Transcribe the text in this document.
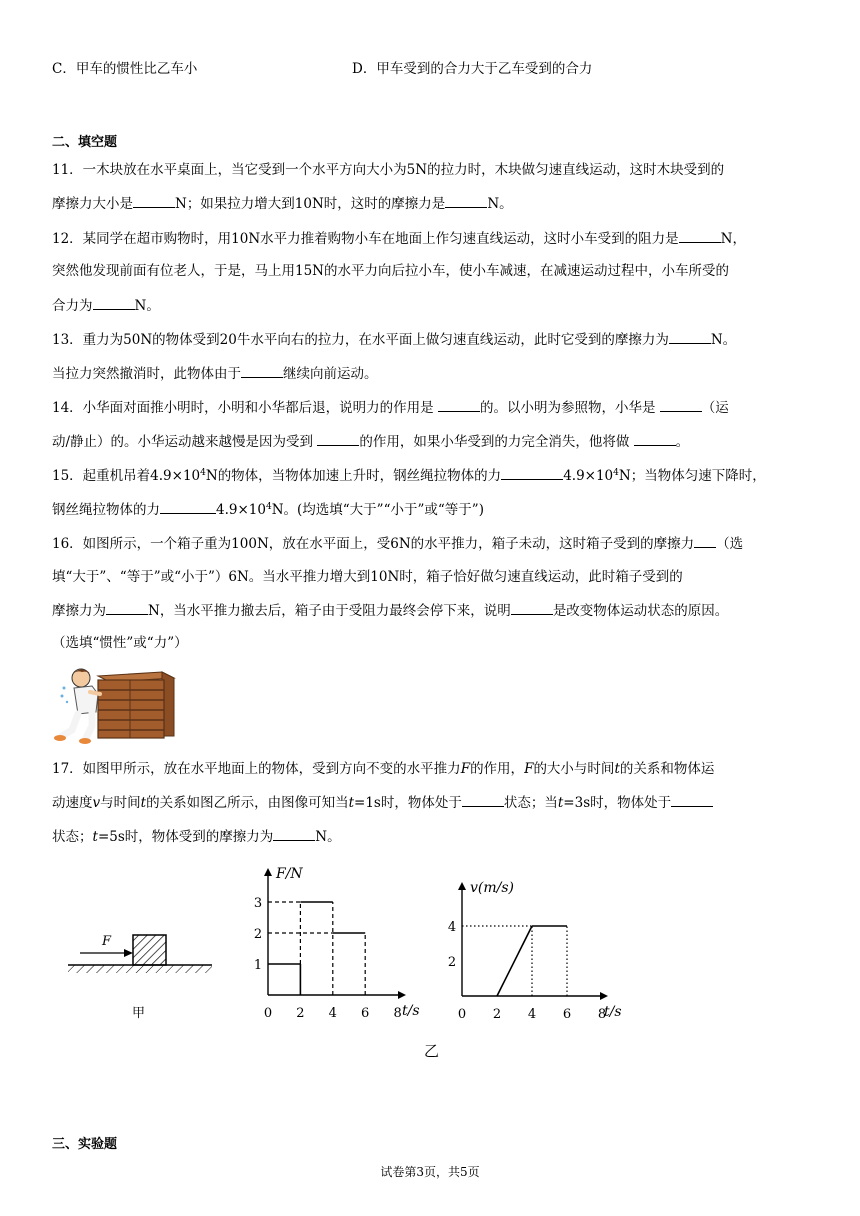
C．甲车的惯性比乙车小	D．甲车受到的合力大于乙车受到的合力
二、填空题
11．一木块放在水平桌面上，当它受到一个水平方向大小为5N的拉力时，木块做匀速直线运动，这时木块受到的
摩擦力大小是	N；如果拉力增大到10N时，这时的摩擦力是	N。
12．某同学在超市购物时，用10N水平力推着购物小车在地面上作匀速直线运动，这时小车受到的阻力是	N，
突然他发现前面有位老人，于是，马上用15N的水平力向后拉小车，使小车减速，在减速运动过程中，小车所受的
合力为	N。
13．重力为50N的物体受到20牛水平向右的拉力，在水平面上做匀速直线运动，此时它受到的摩擦力为	N。
当拉力突然撤消时，此物体由于	继续向前运动。
14．小华面对面推小明时，小明和小华都后退，说明力的作用是	的。以小明为参照物，小华是	（运
动/静止）的。小华运动越来越慢是因为受到	的作用，如果小华受到的力完全消失，他将做	。
15．起重机吊着$4.9\times 10^4N$的物体，当物体加速上升时，钢丝绳拉物体的力	$4.9\times 10^4N$；当物体匀速下降时，
钢丝绳拉物体的力	$4.9\times 10^4N$。(均选填“大于”“小于”或“等于”)
16．如图所示，一个箱子重为100N，放在水平面上，受6N的水平推力，箱子未动，这时箱子受到的摩擦力 （选
填“大于”、“等于”或“小于”）6N。当水平推力增大到10N时，箱子恰好做匀速直线运动，此时箱子受到的
摩擦力为	N，当水平推力撤去后，箱子由于受阻力最终会停下来，说明	是改变物体运动状态的原因。
（选填“惯性”或“力”）
17．如图甲所示，放在水平地面上的物体，受到方向不变的水平推力F的作用，F的大小与时间t的关系和物体运
动速度v与时间t的关系如图乙所示，由图像可知当t=1s时，物体处于	状态；当t=3s时，物体处于
状态；t=5s时，物体受到的摩擦力为	N。
F
甲
F/N
t/s
0 2 4 6 8
1
2
3
v(m/s)
t/s
0 2 4 6 8
2
4
乙
三、实验题
试卷第3页，共5页
